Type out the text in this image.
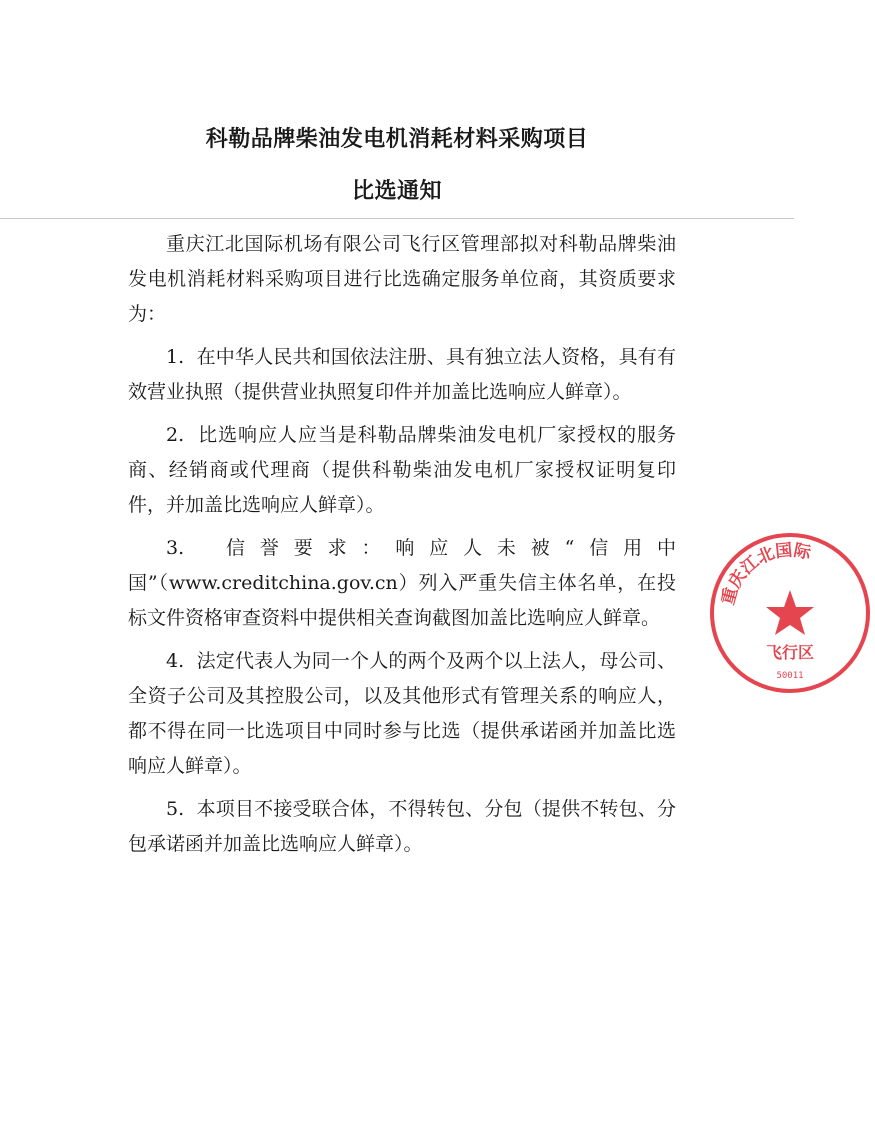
科勒品牌柴油发电机消耗材料采购项目
比选通知

重庆江北国际机场有限公司飞行区管理部拟对科勒品牌柴油发电机消耗材料采购项目进行比选确定服务单位商，其资质要求为：

1. 在中华人民共和国依法注册、具有独立法人资格，具有有效营业执照（提供营业执照复印件并加盖比选响应人鲜章）。

2. 比选响应人应当是科勒品牌柴油发电机厂家授权的服务商、经销商或代理商（提供科勒柴油发电机厂家授权证明复印件，并加盖比选响应人鲜章）。

3. 信誉要求：响应人未被“信用中国”（www.creditchina.gov.cn）列入严重失信主体名单，在投标文件资格审查资料中提供相关查询截图加盖比选响应人鲜章。

4. 法定代表人为同一个人的两个及两个以上法人，母公司、全资子公司及其控股公司，以及其他形式有管理关系的响应人，都不得在同一比选项目中同时参与比选（提供承诺函并加盖比选响应人鲜章）。

5. 本项目不接受联合体，不得转包、分包（提供不转包、分包承诺函并加盖比选响应人鲜章）。

重庆江北国际
飞行区
50011
